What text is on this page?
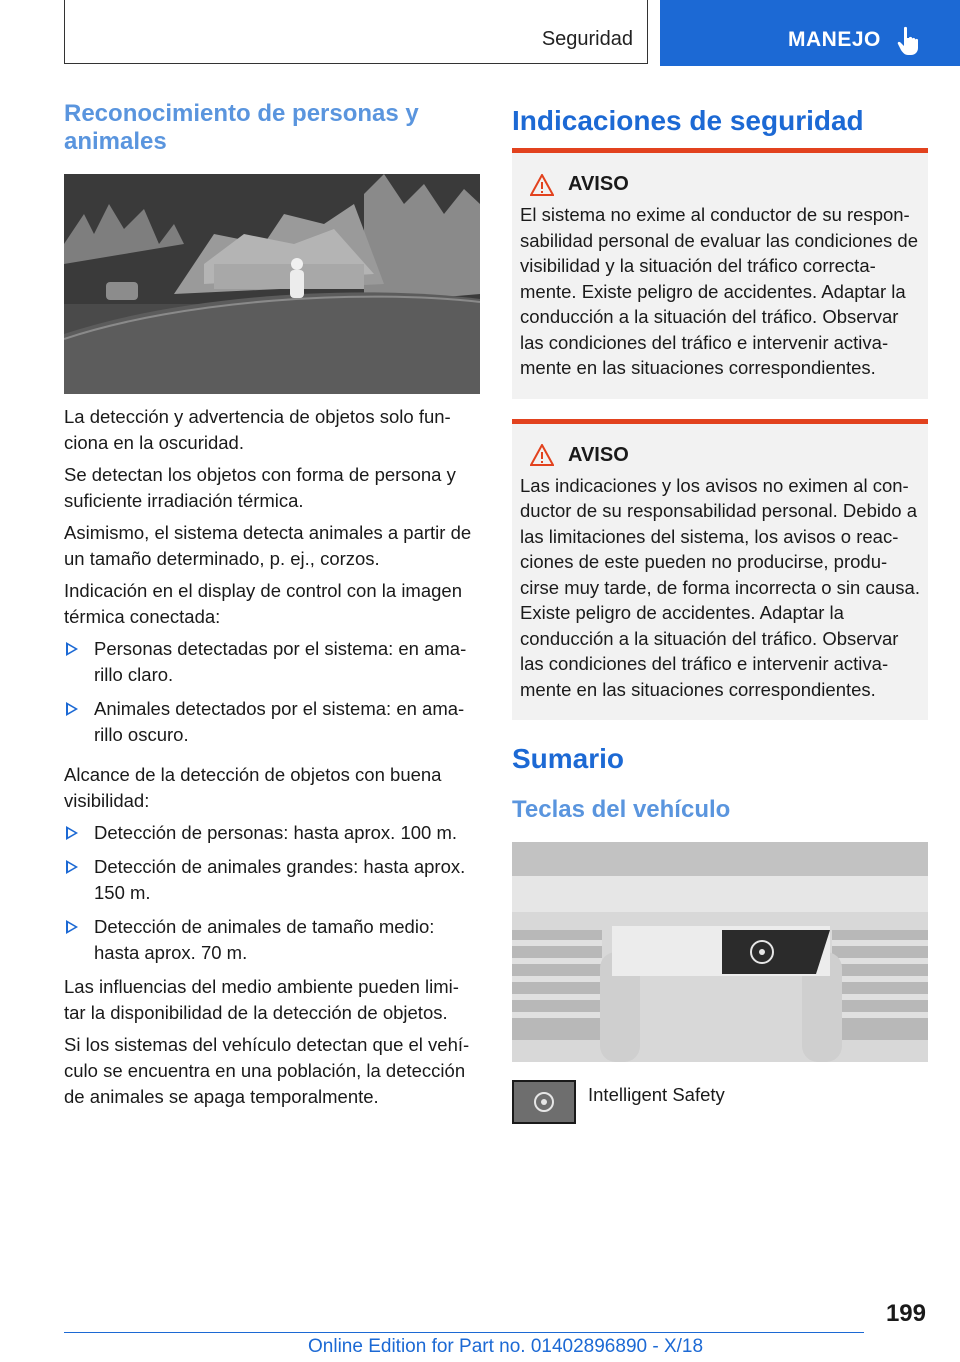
Seguridad	MANEJO
Reconocimiento de personas y animales

La detección y advertencia de objetos solo fun-ciona en la oscuridad.

Se detectan los objetos con forma de persona y suficiente irradiación térmica.

Asimismo, el sistema detecta animales a partir de un tamaño determinado, p. ej., corzos.

Indicación en el display de control con la imagen térmica conectada:

Personas detectadas por el sistema: en ama-rillo claro.
Animales detectados por el sistema: en ama-rillo oscuro.

Alcance de la detección de objetos con buena visibilidad:

Detección de personas: hasta aprox. 100 m.
Detección de animales grandes: hasta aprox. 150 m.
Detección de animales de tamaño medio: hasta aprox. 70 m.

Las influencias del medio ambiente pueden limi-tar la disponibilidad de la detección de objetos.

Si los sistemas del vehículo detectan que el vehí-culo se encuentra en una población, la detección de animales se apaga temporalmente.

Indicaciones de seguridad
AVISO

El sistema no exime al conductor de su respon-sabilidad personal de evaluar las condiciones de visibilidad y la situación del tráfico correcta-mente. Existe peligro de accidentes. Adaptar la conducción a la situación del tráfico. Observar las condiciones del tráfico e intervenir activa-mente en las situaciones correspondientes.

AVISO

Las indicaciones y los avisos no eximen al con-ductor de su responsabilidad personal. Debido a las limitaciones del sistema, los avisos o reac-ciones de este pueden no producirse, produ-cirse muy tarde, de forma incorrecta o sin causa. Existe peligro de accidentes. Adaptar la conducción a la situación del tráfico. Observar las condiciones del tráfico e intervenir activa-mente en las situaciones correspondientes.

Sumario
Teclas del vehículo
Intelligent Safety
199
Online Edition for Part no. 01402896890 - X/18
